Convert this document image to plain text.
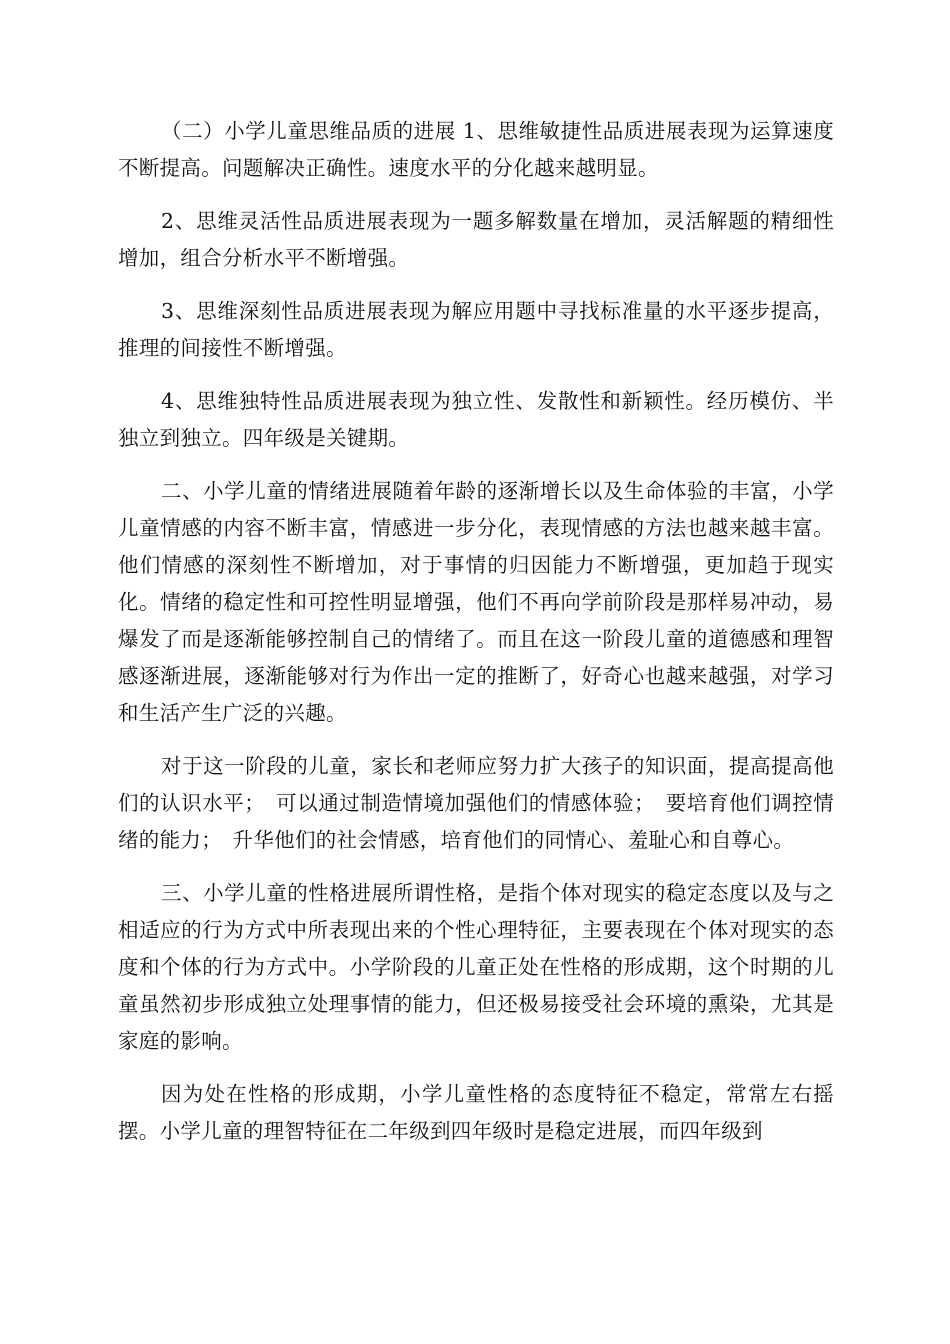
（二）小学儿童思维品质的进展 1、思维敏捷性品质进展表现为运算速度不断提高。问题解决正确性。速度水平的分化越来越明显。

2、思维灵活性品质进展表现为一题多解数量在增加，灵活解题的精细性增加，组合分析水平不断增强。

3、思维深刻性品质进展表现为解应用题中寻找标准量的水平逐步提高，推理的间接性不断增强。

4、思维独特性品质进展表现为独立性、发散性和新颖性。经历模仿、半独立到独立。四年级是关键期。

二、小学儿童的情绪进展随着年龄的逐渐增长以及生命体验的丰富，小学儿童情感的内容不断丰富，情感进一步分化，表现情感的方法也越来越丰富。他们情感的深刻性不断增加，对于事情的归因能力不断增强，更加趋于现实化。情绪的稳定性和可控性明显增强，他们不再向学前阶段是那样易冲动，易爆发了而是逐渐能够控制自己的情绪了。而且在这一阶段儿童的道德感和理智感逐渐进展，逐渐能够对行为作出一定的推断了，好奇心也越来越强，对学习和生活产生广泛的兴趣。

对于这一阶段的儿童，家长和老师应努力扩大孩子的知识面，提高提高他们的认识水平；　可以通过制造情境加强他们的情感体验；　要培育他们调控情绪的能力；　升华他们的社会情感，培育他们的同情心、羞耻心和自尊心。

三、小学儿童的性格进展所谓性格，是指个体对现实的稳定态度以及与之相适应的行为方式中所表现出来的个性心理特征，主要表现在个体对现实的态度和个体的行为方式中。小学阶段的儿童正处在性格的形成期，这个时期的儿童虽然初步形成独立处理事情的能力，但还极易接受社会环境的熏染，尤其是家庭的影响。

因为处在性格的形成期，小学儿童性格的态度特征不稳定，常常左右摇摆。小学儿童的理智特征在二年级到四年级时是稳定进展，而四年级到
